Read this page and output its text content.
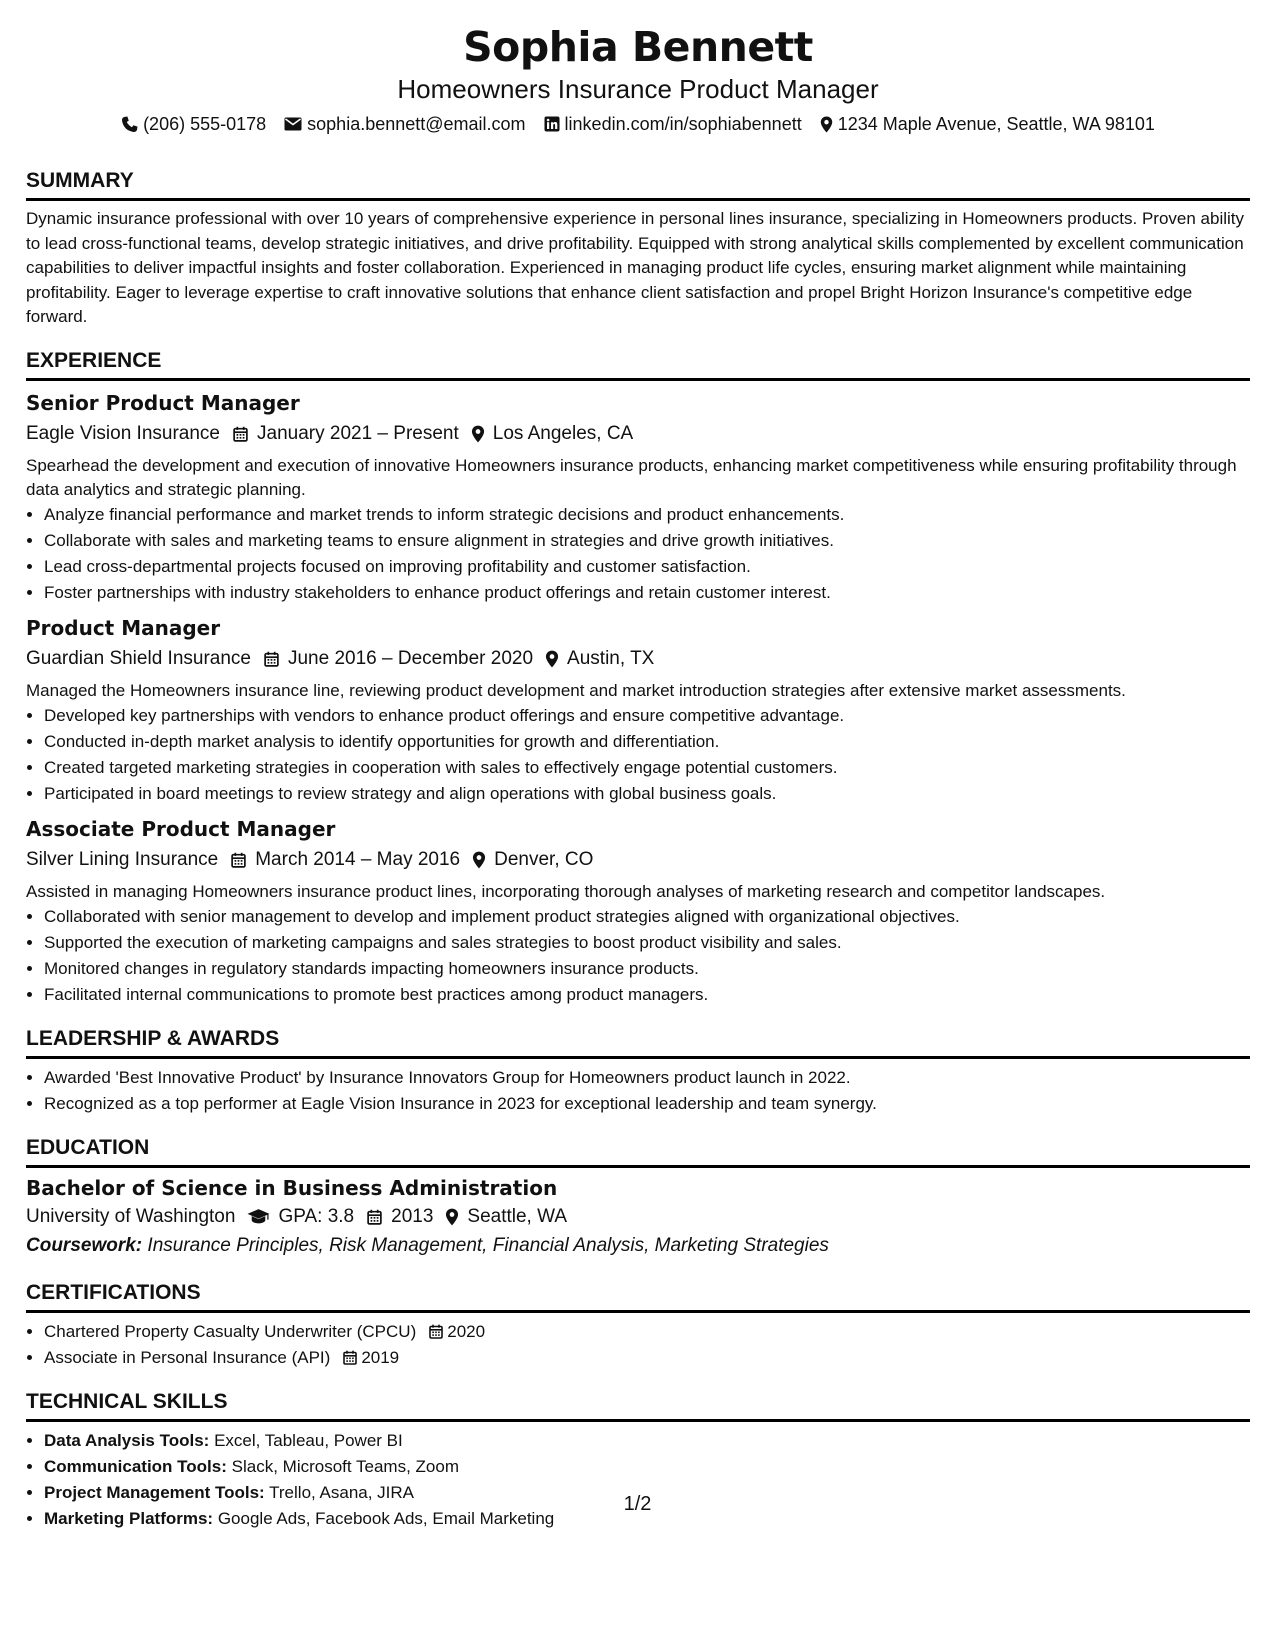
Sophia Bennett
Homeowners Insurance Product Manager
(206) 555-0178 sophia.bennett@email.com linkedin.com/in/sophiabennett 1234 Maple Avenue, Seattle, WA 98101
SUMMARY
Dynamic insurance professional with over 10 years of comprehensive experience in personal lines insurance, specializing in Homeowners products. Proven ability to lead cross-functional teams, develop strategic initiatives, and drive profitability. Equipped with strong analytical skills complemented by excellent communication capabilities to deliver impactful insights and foster collaboration. Experienced in managing product life cycles, ensuring market alignment while maintaining profitability. Eager to leverage expertise to craft innovative solutions that enhance client satisfaction and propel Bright Horizon Insurance's competitive edge forward.
EXPERIENCE
Senior Product Manager
Eagle Vision Insurance January 2021 – Present Los Angeles, CA
Spearhead the development and execution of innovative Homeowners insurance products, enhancing market competitiveness while ensuring profitability through data analytics and strategic planning.
• Analyze financial performance and market trends to inform strategic decisions and product enhancements.
• Collaborate with sales and marketing teams to ensure alignment in strategies and drive growth initiatives.
• Lead cross-departmental projects focused on improving profitability and customer satisfaction.
• Foster partnerships with industry stakeholders to enhance product offerings and retain customer interest.
Product Manager
Guardian Shield Insurance June 2016 – December 2020 Austin, TX
Managed the Homeowners insurance line, reviewing product development and market introduction strategies after extensive market assessments.
• Developed key partnerships with vendors to enhance product offerings and ensure competitive advantage.
• Conducted in-depth market analysis to identify opportunities for growth and differentiation.
• Created targeted marketing strategies in cooperation with sales to effectively engage potential customers.
• Participated in board meetings to review strategy and align operations with global business goals.
Associate Product Manager
Silver Lining Insurance March 2014 – May 2016 Denver, CO
Assisted in managing Homeowners insurance product lines, incorporating thorough analyses of marketing research and competitor landscapes.
• Collaborated with senior management to develop and implement product strategies aligned with organizational objectives.
• Supported the execution of marketing campaigns and sales strategies to boost product visibility and sales.
• Monitored changes in regulatory standards impacting homeowners insurance products.
• Facilitated internal communications to promote best practices among product managers.
LEADERSHIP & AWARDS
• Awarded 'Best Innovative Product' by Insurance Innovators Group for Homeowners product launch in 2022.
• Recognized as a top performer at Eagle Vision Insurance in 2023 for exceptional leadership and team synergy.
EDUCATION
Bachelor of Science in Business Administration
University of Washington GPA: 3.8 2013 Seattle, WA
Coursework: Insurance Principles, Risk Management, Financial Analysis, Marketing Strategies
CERTIFICATIONS
• Chartered Property Casualty Underwriter (CPCU) 2020
• Associate in Personal Insurance (API) 2019
TECHNICAL SKILLS
• Data Analysis Tools: Excel, Tableau, Power BI
• Communication Tools: Slack, Microsoft Teams, Zoom
• Project Management Tools: Trello, Asana, JIRA
• Marketing Platforms: Google Ads, Facebook Ads, Email Marketing
1/2
